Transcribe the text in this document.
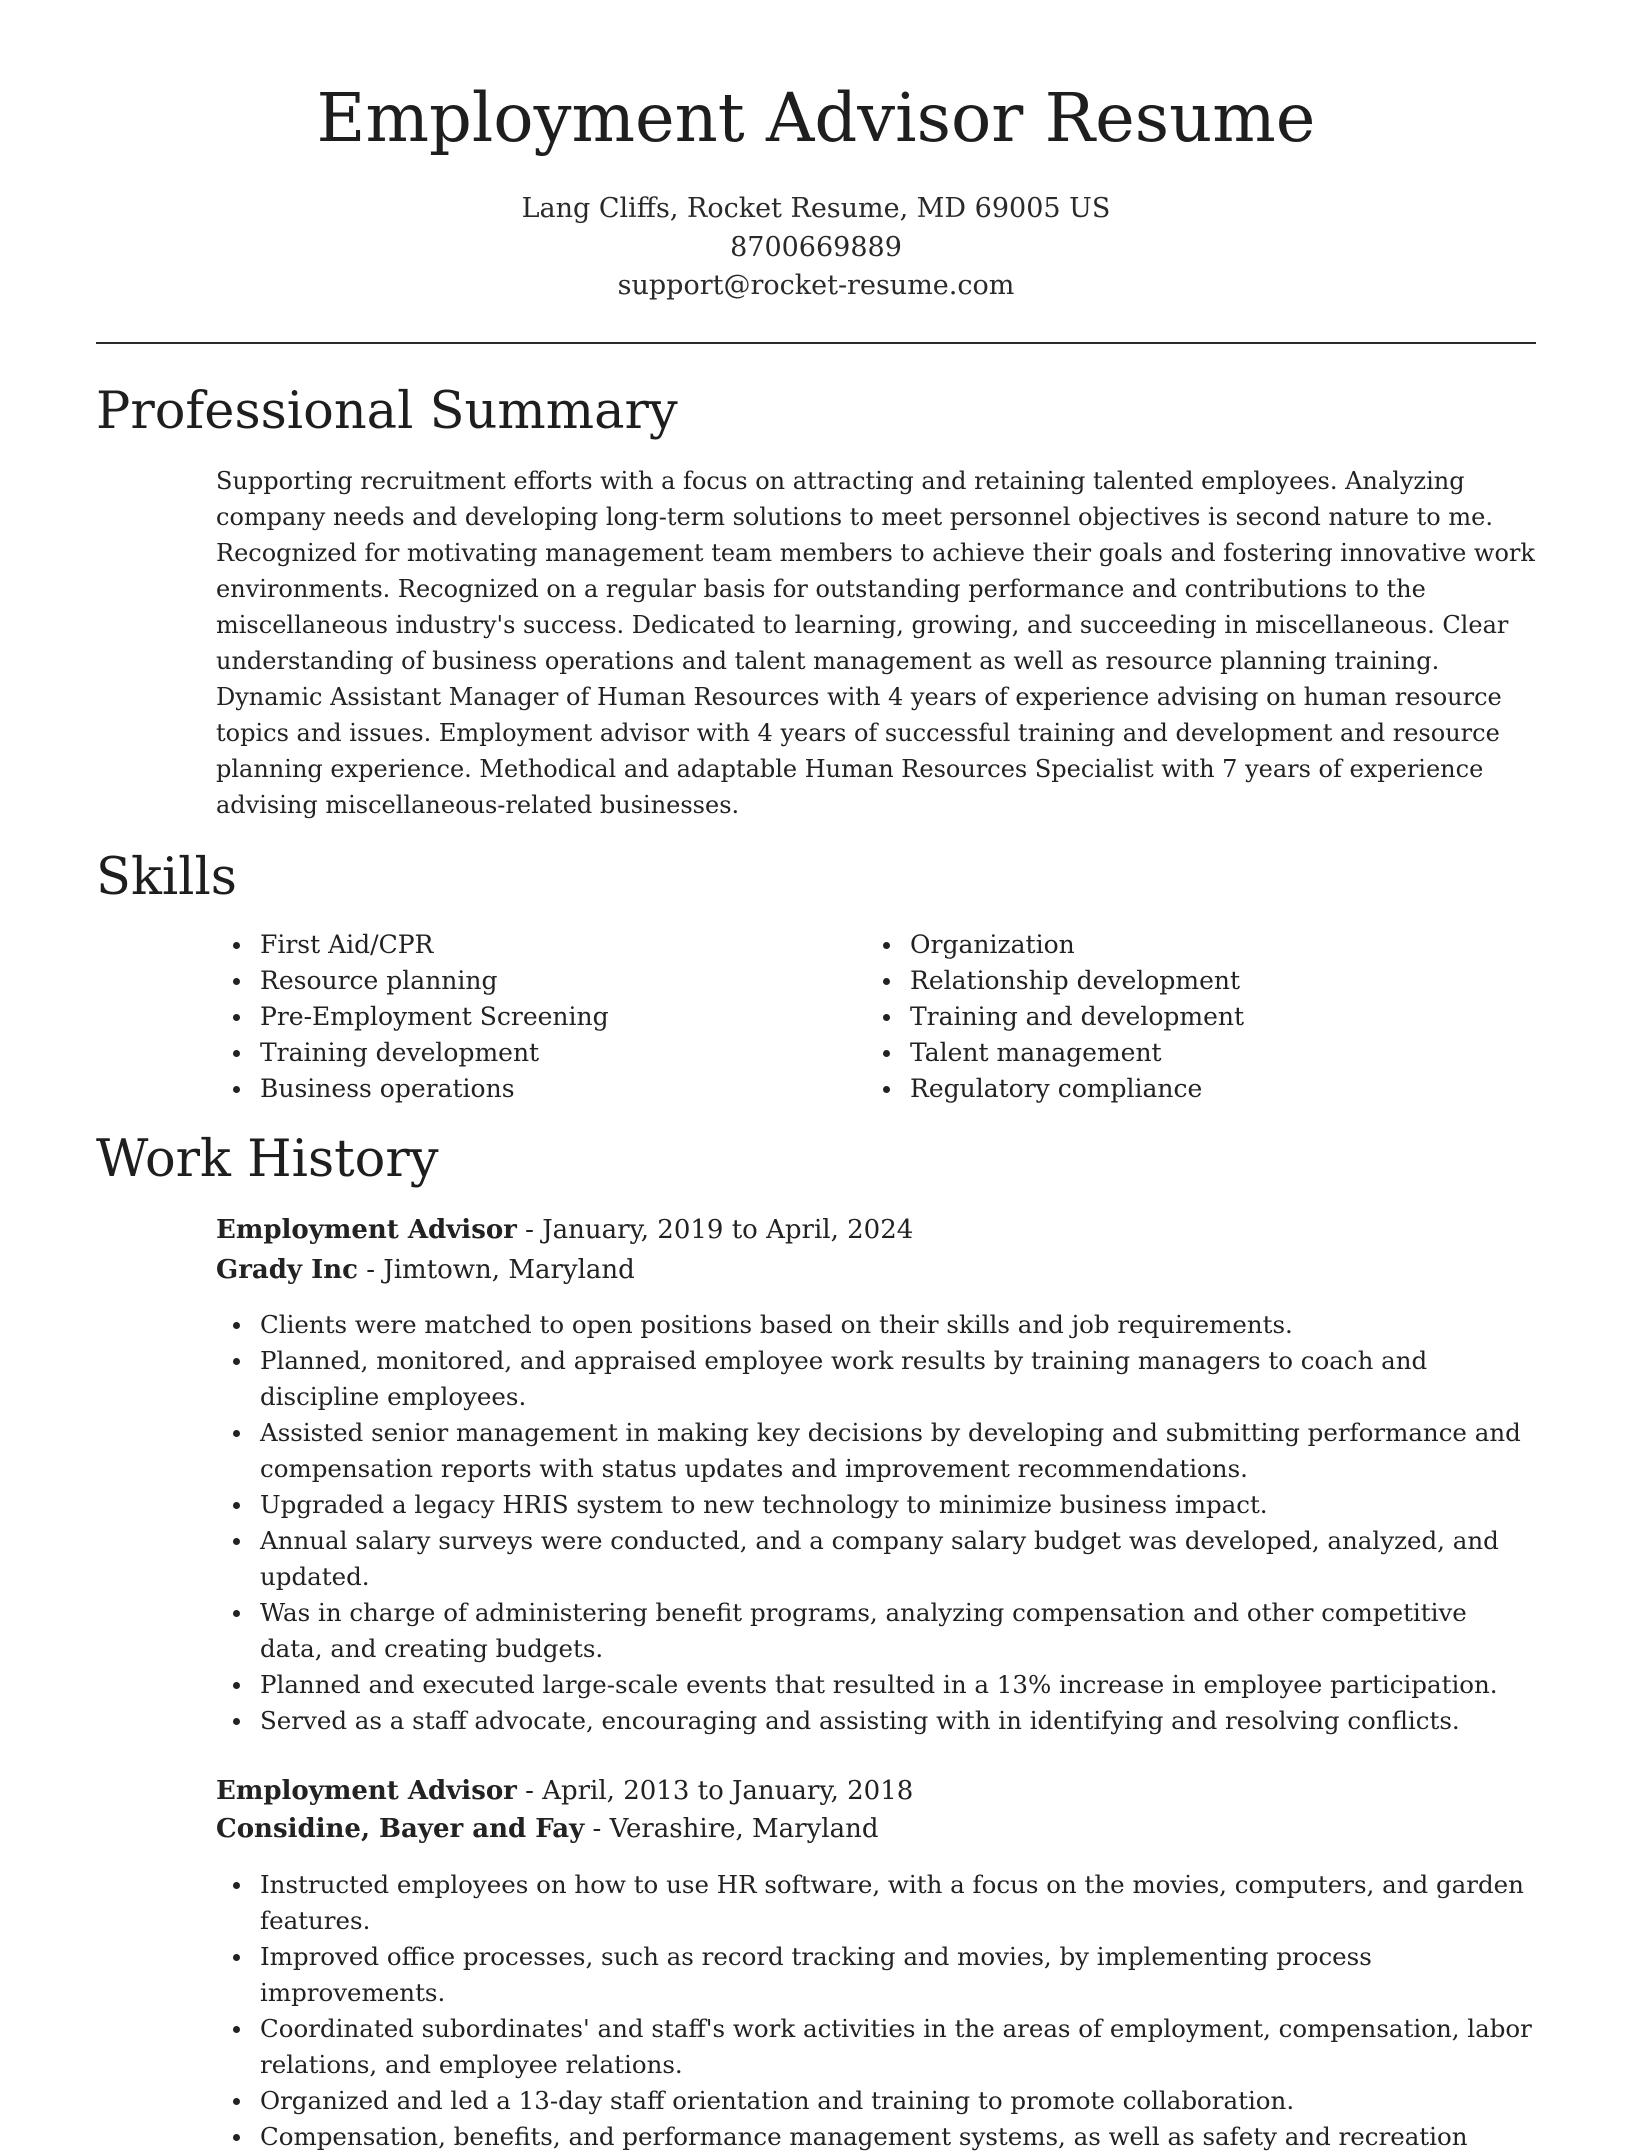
Employment Advisor Resume
Lang Cliffs, Rocket Resume, MD 69005 US
8700669889
support@rocket-resume.com
Professional Summary

Supporting recruitment efforts with a focus on attracting and retaining talented employees. Analyzing company needs and developing long-term solutions to meet personnel objectives is second nature to me. Recognized for motivating management team members to achieve their goals and fostering innovative work environments. Recognized on a regular basis for outstanding performance and contributions to the miscellaneous industry's success. Dedicated to learning, growing, and succeeding in miscellaneous. Clear understanding of business operations and talent management as well as resource planning training. Dynamic Assistant Manager of Human Resources with 4 years of experience advising on human resource topics and issues. Employment advisor with 4 years of successful training and development and resource planning experience. Methodical and adaptable Human Resources Specialist with 7 years of experience advising miscellaneous-related businesses.

Skills
First Aid/CPR
Resource planning
Pre-Employment Screening
Training development
Business operations
Organization
Relationship development
Training and development
Talent management
Regulatory compliance
Work History
Employment Advisor - January, 2019 to April, 2024
Grady Inc - Jimtown, Maryland
Clients were matched to open positions based on their skills and job requirements.
Planned, monitored, and appraised employee work results by training managers to coach and discipline employees.
Assisted senior management in making key decisions by developing and submitting performance and compensation reports with status updates and improvement recommendations.
Upgraded a legacy HRIS system to new technology to minimize business impact.
Annual salary surveys were conducted, and a company salary budget was developed, analyzed, and updated.
Was in charge of administering benefit programs, analyzing compensation and other competitive data, and creating budgets.
Planned and executed large-scale events that resulted in a 13% increase in employee participation.
Served as a staff advocate, encouraging and assisting with in identifying and resolving conflicts.
Employment Advisor - April, 2013 to January, 2018
Considine, Bayer and Fay - Verashire, Maryland
Instructed employees on how to use HR software, with a focus on the movies, computers, and garden features.
Improved office processes, such as record tracking and movies, by implementing process improvements.
Coordinated subordinates' and staff's work activities in the areas of employment, compensation, labor relations, and employee relations.
Organized and led a 13-day staff orientation and training to promote collaboration.
Compensation, benefits, and performance management systems, as well as safety and recreation
